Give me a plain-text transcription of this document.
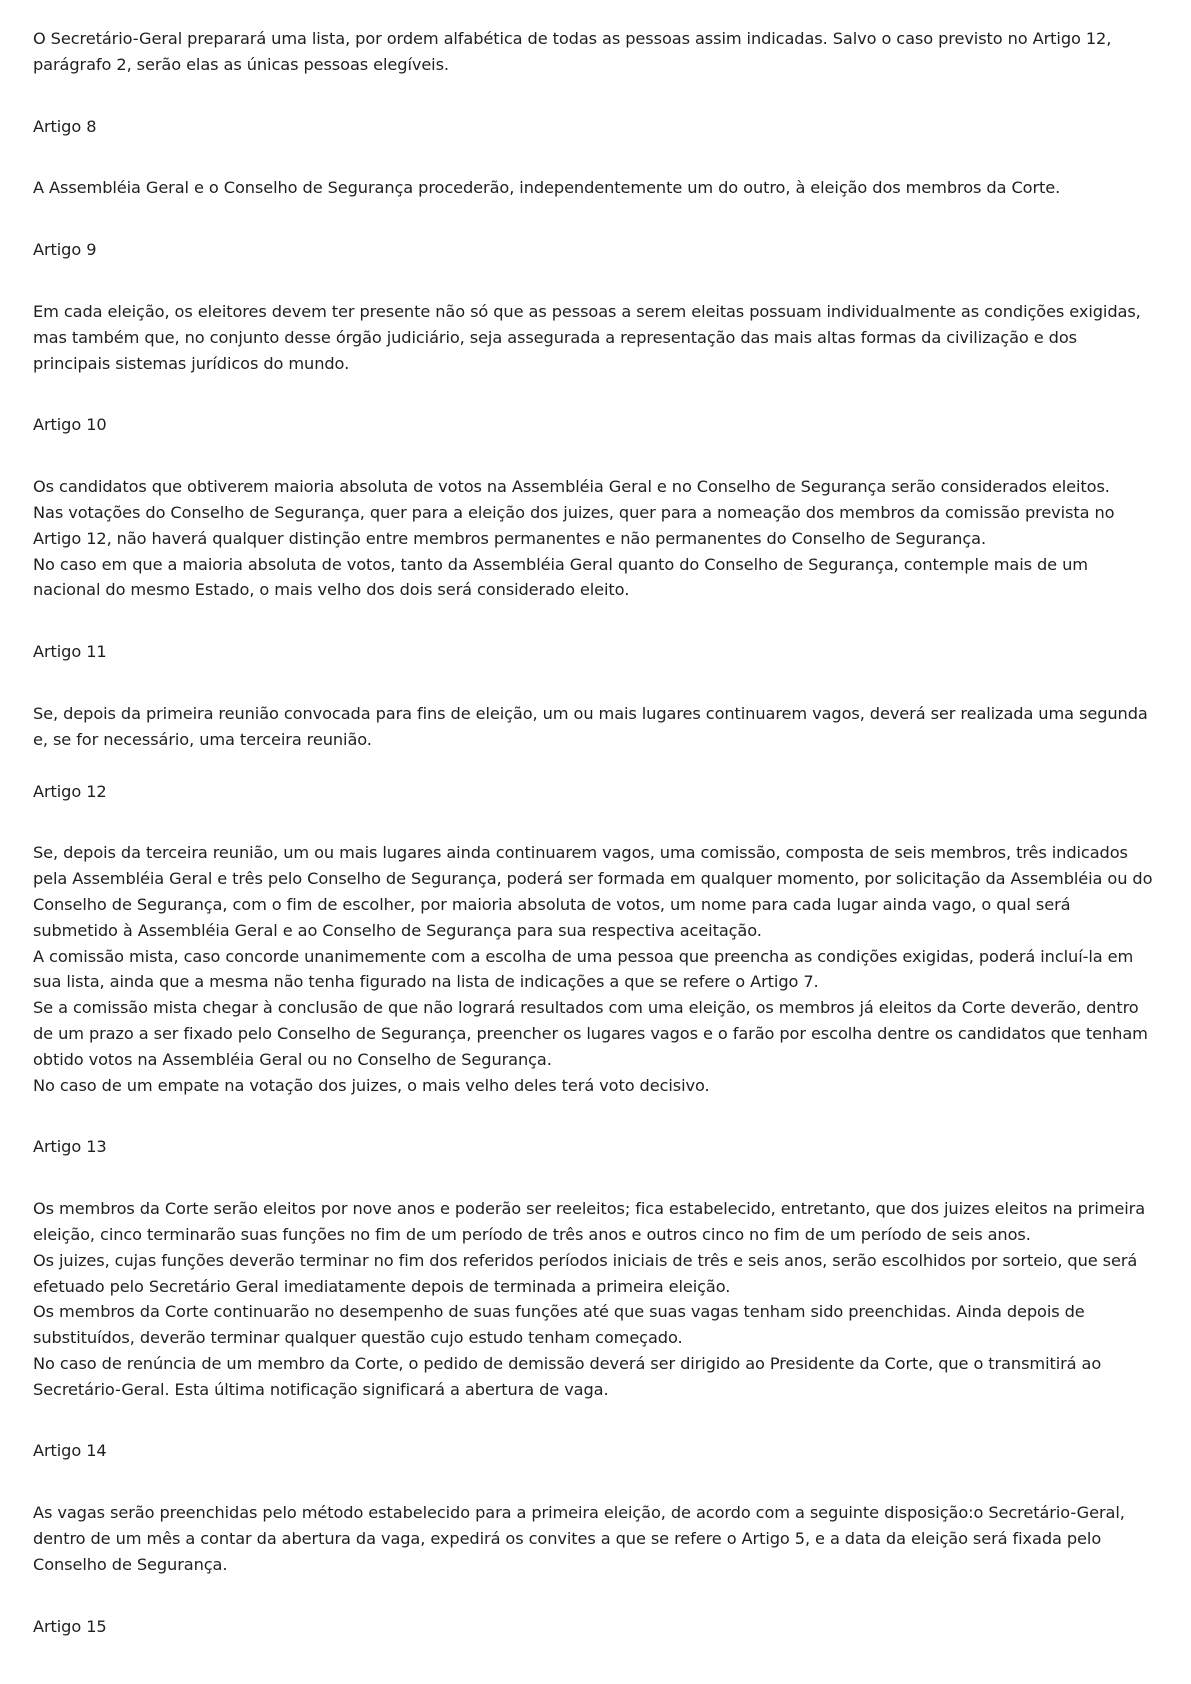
O Secretário-Geral preparará uma lista, por ordem alfabética de todas as pessoas assim indicadas. Salvo o caso previsto no Artigo 12, parágrafo 2, serão elas as únicas pessoas elegíveis.

Artigo 8

A Assembléia Geral e o Conselho de Segurança procederão, independentemente um do outro, à eleição dos membros da Corte.

Artigo 9

Em cada eleição, os eleitores devem ter presente não só que as pessoas a serem eleitas possuam individualmente as condições exigidas, mas também que, no conjunto desse órgão judiciário, seja assegurada a representação das mais altas formas da civilização e dos principais sistemas jurídicos do mundo.

Artigo 10

Os candidatos que obtiverem maioria absoluta de votos na Assembléia Geral e no Conselho de Segurança serão considerados eleitos.

Nas votações do Conselho de Segurança, quer para a eleição dos juizes, quer para a nomeação dos membros da comissão prevista no Artigo 12, não haverá qualquer distinção entre membros permanentes e não permanentes do Conselho de Segurança.

No caso em que a maioria absoluta de votos, tanto da Assembléia Geral quanto do Conselho de Segurança, contemple mais de um nacional do mesmo Estado, o mais velho dos dois será considerado eleito.

Artigo 11

Se, depois da primeira reunião convocada para fins de eleição, um ou mais lugares continuarem vagos, deverá ser realizada uma segunda e, se for necessário, uma terceira reunião.

Artigo 12

Se, depois da terceira reunião, um ou mais lugares ainda continuarem vagos, uma comissão, composta de seis membros, três indicados pela Assembléia Geral e três pelo Conselho de Segurança, poderá ser formada em qualquer momento, por solicitação da Assembléia ou do Conselho de Segurança, com o fim de escolher, por maioria absoluta de votos, um nome para cada lugar ainda vago, o qual será submetido à Assembléia Geral e ao Conselho de Segurança para sua respectiva aceitação.

A comissão mista, caso concorde unanimemente com a escolha de uma pessoa que preencha as condições exigidas, poderá incluí-la em sua lista, ainda que a mesma não tenha figurado na lista de indicações a que se refere o Artigo 7.

Se a comissão mista chegar à conclusão de que não logrará resultados com uma eleição, os membros já eleitos da Corte deverão, dentro de um prazo a ser fixado pelo Conselho de Segurança, preencher os lugares vagos e o farão por escolha dentre os candidatos que tenham obtido votos na Assembléia Geral ou no Conselho de Segurança.

No caso de um empate na votação dos juizes, o mais velho deles terá voto decisivo.

Artigo 13

Os membros da Corte serão eleitos por nove anos e poderão ser reeleitos; fica estabelecido, entretanto, que dos juizes eleitos na primeira eleição, cinco terminarão suas funções no fim de um período de três anos e outros cinco no fim de um período de seis anos.

Os juizes, cujas funções deverão terminar no fim dos referidos períodos iniciais de três e seis anos, serão escolhidos por sorteio, que será efetuado pelo Secretário Geral imediatamente depois de terminada a primeira eleição.

Os membros da Corte continuarão no desempenho de suas funções até que suas vagas tenham sido preenchidas. Ainda depois de substituídos, deverão terminar qualquer questão cujo estudo tenham começado.

No caso de renúncia de um membro da Corte, o pedido de demissão deverá ser dirigido ao Presidente da Corte, que o transmitirá ao Secretário-Geral. Esta última notificação significará a abertura de vaga.

Artigo 14

As vagas serão preenchidas pelo método estabelecido para a primeira eleição, de acordo com a seguinte disposição:o Secretário-Geral, dentro de um mês a contar da abertura da vaga, expedirá os convites a que se refere o Artigo 5, e a data da eleição será fixada pelo Conselho de Segurança.

Artigo 15
